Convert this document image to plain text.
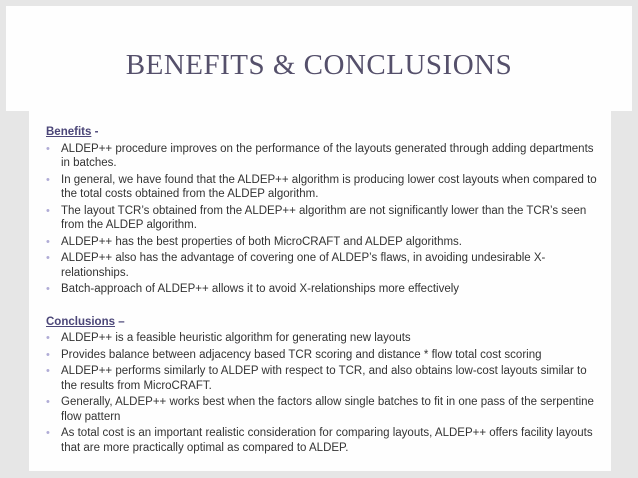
BENEFITS & CONCLUSIONS
Benefits -
• ALDEP++ procedure improves on the performance of the layouts generated through adding departments in batches.
• In general, we have found that the ALDEP++ algorithm is producing lower cost layouts when compared to the total costs obtained from the ALDEP algorithm.
• The layout TCR’s obtained from the ALDEP++ algorithm are not significantly lower than the TCR’s seen from the ALDEP algorithm.
• ALDEP++ has the best properties of both MicroCRAFT and ALDEP algorithms.
• ALDEP++ also has the advantage of covering one of ALDEP’s flaws, in avoiding undesirable X-relationships.
• Batch-approach of ALDEP++ allows it to avoid X-relationships more effectively
Conclusions –
• ALDEP++ is a feasible heuristic algorithm for generating new layouts
• Provides balance between adjacency based TCR scoring and distance * flow total cost scoring
• ALDEP++ performs similarly to ALDEP with respect to TCR, and also obtains low-cost layouts similar to the results from MicroCRAFT.
• Generally, ALDEP++ works best when the factors allow single batches to fit in one pass of the serpentine flow pattern
• As total cost is an important realistic consideration for comparing layouts, ALDEP++ offers facility layouts that are more practically optimal as compared to ALDEP.
